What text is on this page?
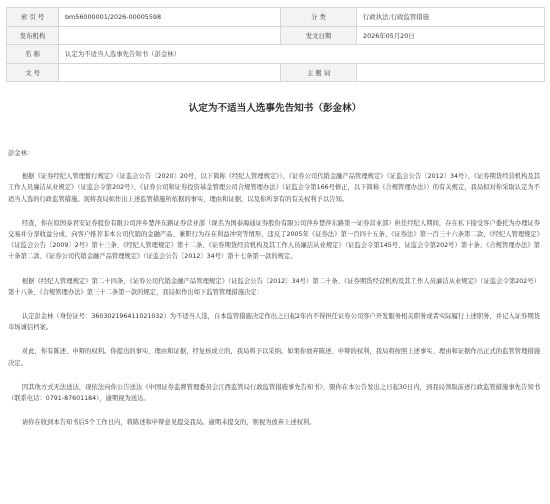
索 引 号	bm56000001/2026-00005598	分 类	行政执法;行政监管措施
发布机构		发文日期	2026年05月20日
名 称	认定为不适当人选事先告知书（彭金林）		
文 号		主 题 词	
认定为不适当人选事先告知书（彭金林）

彭金林：

根据《证券经纪人管理暂行规定》（证监会公告〔2020〕20号，以下简称《经纪人管理规定》）、《证券公司代销金融产品管理规定》（证监会公告〔2012〕34号）、《证券期货经营机构及其工作人员廉洁从业规定》（证监会令第202号）、《证券公司和证券投资基金管理公司合规管理办法》（证监会令第166号修正，以下简称《合规管理办法》）的有关规定，我局拟对你采取认定为不适当人选的行政监管措施。现将我局拟作出上述监管措施所依据的事实、理由和证据，以及你所享有的有关权利予以告知。

经查，你在原国泰君安证券股份有限公司萍乡楚萍东路证券营业部（现名为国泰海通证券股份有限公司萍乡楚萍东路第一证券营业部）担任经纪人期间，存在私下接受客户委托为办理证券交易并分享收益分成、向客户推荐非本公司代销的金融产品、兼职行为存在利益冲突等情形，违反了2005年《证券法》第一百四十五条、《证券法》第一百三十六条第二款、《经纪人管理规定》《证监会公告〔2009〕2号》第十三条、《经纪人管理规定》第十二条、《证券期货经营机构及其工作人员廉洁从业规定》（证监会令第145号、证监会令第202号）第十条、《合规管理办法》第十条第二款、《证券公司代销金融产品管理规定》（证监会公告〔2012〕34号）第十七条第一款的规定。

根据《经纪人管理规定》第二十四条、《证券公司代销金融产品管理规定》（证监会公告〔2012〕34号）第二十条、《证券期货经营机构及其工作人员廉洁从业规定》（证监会令第202号）第十八条、《合规管理办法》第三十二条第一款的规定，我局拟作出如下监管管理措施决定：

认定彭金林（身份证号：360302196411021032）为不适当人选，自本监管措施决定作出之日起2年内不得担任证券公司客户开发服务相关职务或者实际履行上述职务，并记入证券期货市场诚信档案。

对此，你有陈述、申辩的权利。你提出的事实、理由和证据，经复核成立的，我局将予以采纳。如果你放弃陈述、申辩的权利，我局将按照上述事实、理由和证据作出正式的监管管理措施决定。

因其他方式无法送达，现依法向你公告送达《中国证券监督管理委员会江西监管局行政监管措施事先告知书》，限你在本公告发出之日起30日内，到我局领取前述行政监管措施事先告知书（联系电话：0791-87601184），逾期视为送达。

请你在收到本告知书后5个工作日内，将陈述和申辩意见提交我局。逾期未提交的，则视为放弃上述权利。
